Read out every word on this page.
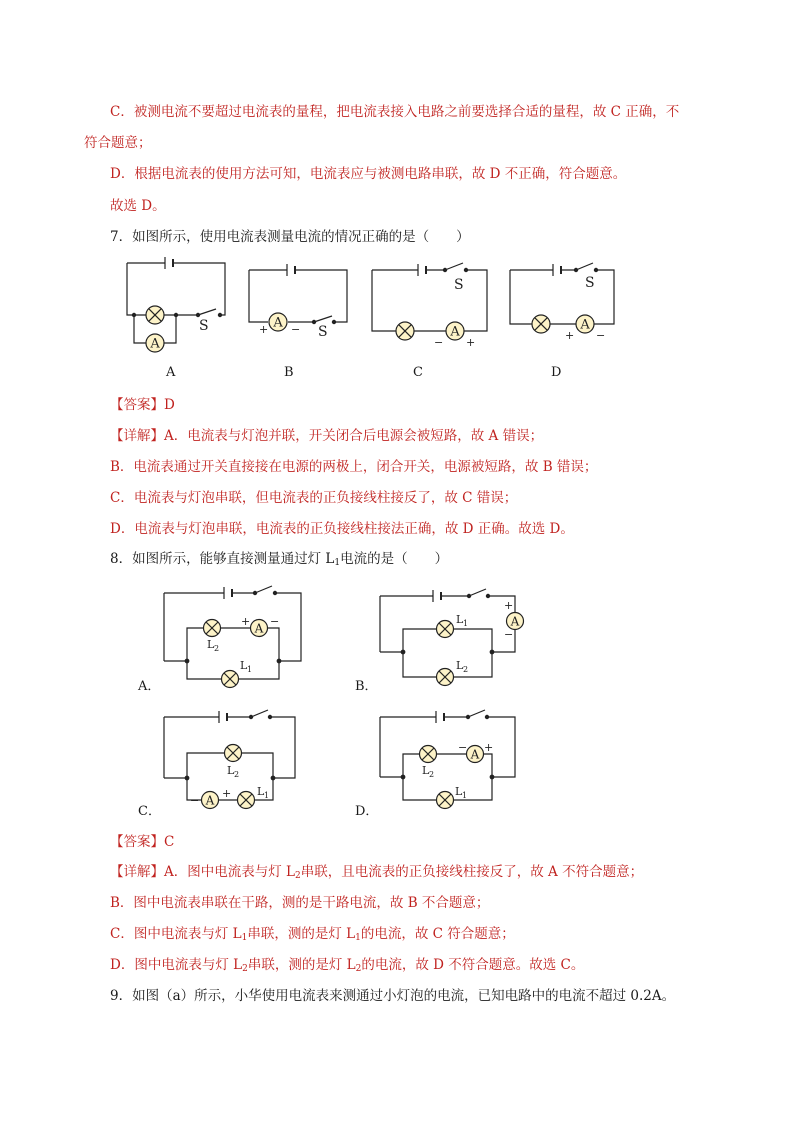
C．被测电流不要超过电流表的量程，把电流表接入电路之前要选择合适的量程，故 C 正确，不
符合题意；
D．根据电流表的使用方法可知，电流表应与被测电路串联，故 D 不正确，符合题意。
故选 D。
7．如图所示，使用电流表测量电流的情况正确的是（　　）
S	+ − S
S
− +
S
+ −
A	B	C	D
【答案】D
【详解】A．电流表与灯泡并联，开关闭合后电源会被短路，故 A 错误；
B．电流表通过开关直接接在电源的两极上，闭合开关，电源被短路，故 B 错误；
C．电流表与灯泡串联，但电流表的正负接线柱接反了，故 C 错误；
D．电流表与灯泡串联，电流表的正负接线柱接法正确，故 D 正确。故选 D。
8．如图所示，能够直接测量通过灯 $L_1$电流的是（　　）
L 2
+ −
L 1
L 1
+
−
L 2
L 2
−
+ L 1
L 2
− +
L 1
A．	B．
C．	D．
【答案】C
【详解】A．图中电流表与灯 $L_2$串联，且电流表的正负接线柱接反了，故 A 不符合题意；
B．图中电流表串联在干路，测的是干路电流，故 B 不合题意；
C．图中电流表与灯 $L_1$串联，测的是灯 $L_1$的电流，故 C 符合题意；
D．图中电流表与灯 $L_2$串联，测的是灯 $L_2$的电流，故 D 不符合题意。故选 C。
9．如图（a）所示，小华使用电流表来测通过小灯泡的电流，已知电路中的电流不超过 0.2A。
